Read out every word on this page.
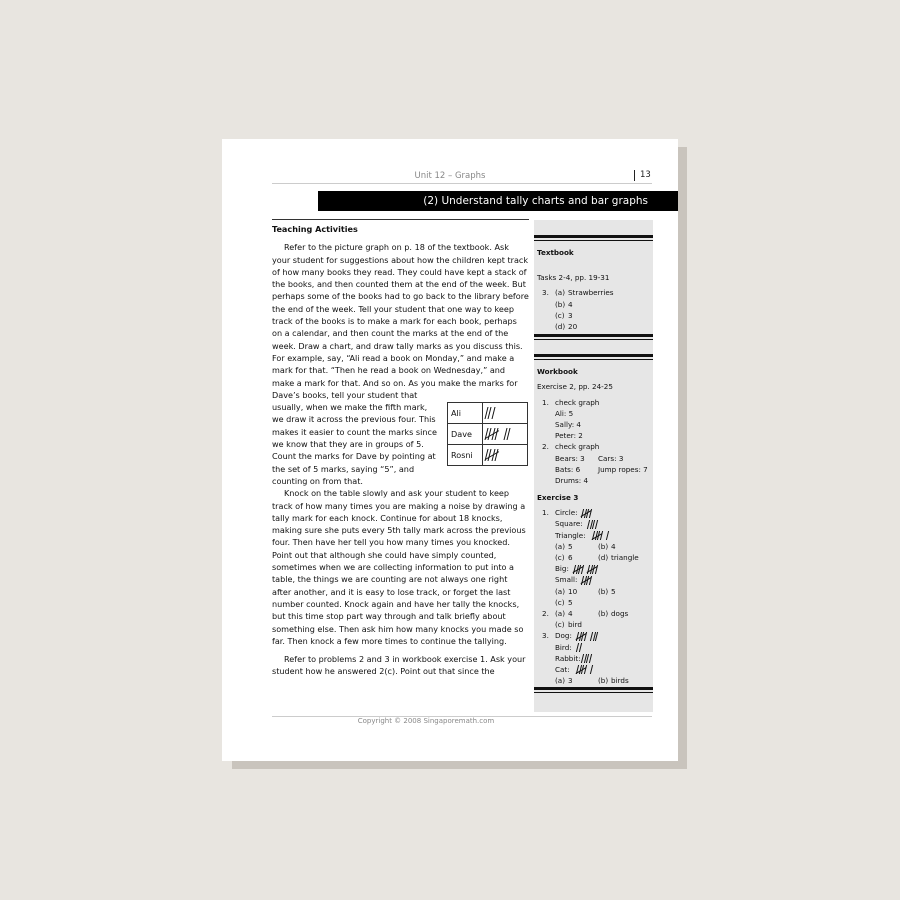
Unit 12 – Graphs	13
(2) Understand tally charts and bar graphs
Teaching Activities

Refer to the picture graph on p. 18 of the textbook. Ask your student for suggestions about how the children kept track of how many books they read. They could have kept a stack of the books, and then counted them at the end of the week. But perhaps some of the books had to go back to the library before the end of the week. Tell your student that one way to keep track of the books is to make a mark for each book, perhaps on a calendar, and then count the marks at the end of the week. Draw a chart, and draw tally marks as you discuss this. For example, say, “Ali read a book on Monday,” and make a mark for that. “Then he read a book on Wednesday,” and make a mark for that. And so on. As you make the marks for Dave’s books, tell your student that

usually, when we make the fifth mark,
we draw it across the previous four. This
makes it easier to count the marks since
we know that they are in groups of 5.
Count the marks for Dave by pointing at
the set of 5 marks, saying “5”, and
counting on from that.
Ali	

Dave	

Rosni	

Knock on the table slowly and ask your student to keep track of how many times you are making a noise by drawing a tally mark for each knock. Continue for about 18 knocks, making sure she puts every 5th tally mark across the previous four. Then have her tell you how many times you knocked. Point out that although she could have simply counted, sometimes when we are collecting information to put into a table, the things we are counting are not always one right after another, and it is easy to lose track, or forget the last number counted. Knock again and have her tally the knocks, but this time stop part way through and talk briefly about something else. Then ask him how many knocks you made so far. Then knock a few more times to continue the tallying.

Refer to problems 2 and 3 in workbook exercise 1. Ask your student how he answered 2(c). Point out that since the

Textbook
Tasks 2-4, pp. 19-31
3. (a) Strawberries
(b) 4
(c) 3
(d) 20
Workbook
Exercise 2, pp. 24-25
1. check graph
Ali: 5
Sally: 4
Peter: 2
2. check graph
Bears: 3 Cars: 3
Bats: 6 Jump ropes: 7
Drums: 4
Exercise 3
1. Circle:
Square:
Triangle:
(a) 5	(b) 4
(c) 6	(d) triangle
Big:
Small:
(a) 10	(b) 5
(c) 5
2. (a) 4	(b) dogs
(c) bird
3. Dog:
Bird:
Rabbit:
Cat:
(a) 3	(b) birds
Copyright © 2008 Singaporemath.com
